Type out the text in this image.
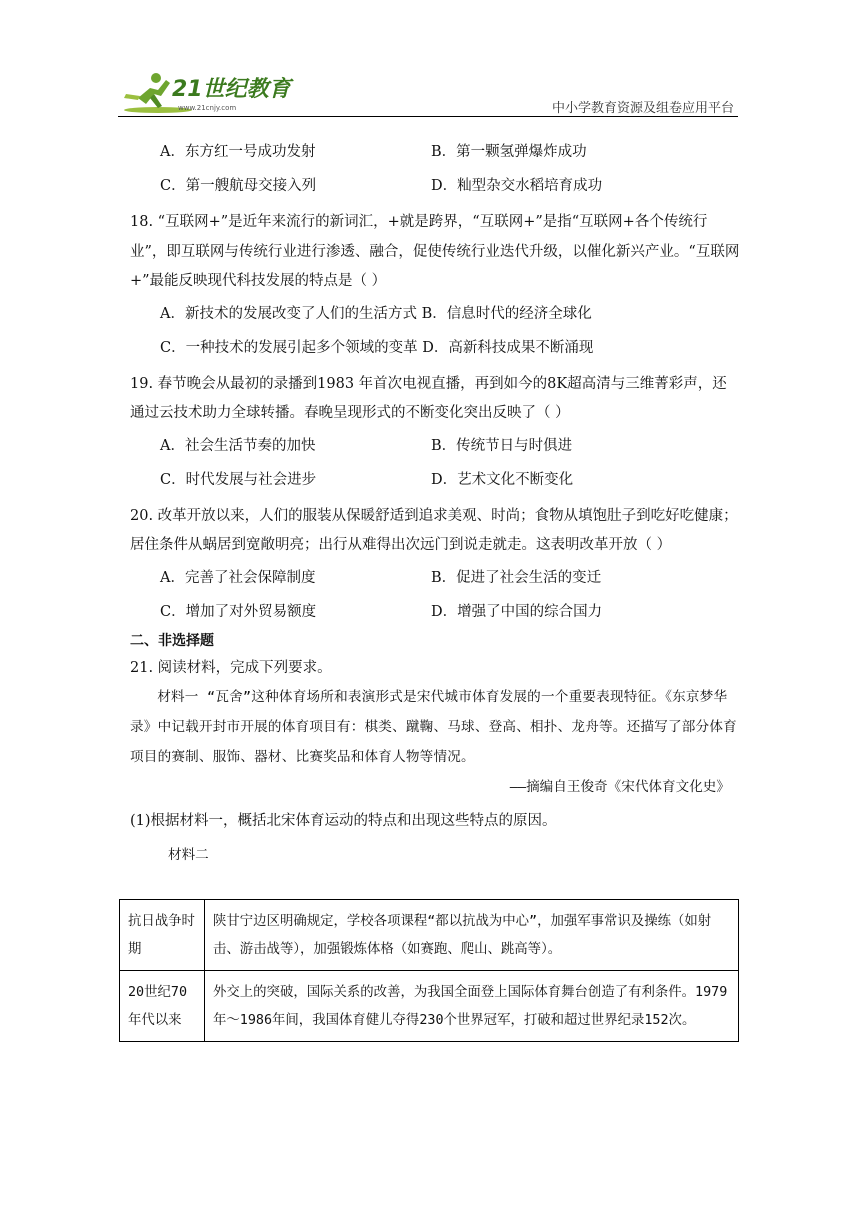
21世纪教育
www.21cnjy.com	中小学教育资源及组卷应用平台
A．东方红一号成功发射	B．第一颗氢弹爆炸成功
C．第一艘航母交接入列	D．籼型杂交水稻培育成功
18. “互联网+”是近年来流行的新词汇，+就是跨界，“互联网+”是指“互联网+各个传统行业”，即互联网与传统行业进行渗透、融合，促使传统行业迭代升级，以催化新兴产业。“互联网+”最能反映现代科技发展的特点是（ ）
A．新技术的发展改变了人们的生活方式 B．信息时代的经济全球化
C．一种技术的发展引起多个领域的变革 D．高新科技成果不断涌现
19. 春节晚会从最初的录播到1983 年首次电视直播，再到如今的8K超高清与三维菁彩声，还通过云技术助力全球转播。春晚呈现形式的不断变化突出反映了（ ）
A．社会生活节奏的加快	B．传统节日与时俱进
C．时代发展与社会进步	D．艺术文化不断变化
20. 改革开放以来，人们的服装从保暖舒适到追求美观、时尚；食物从填饱肚子到吃好吃健康；居住条件从蜗居到宽敞明亮；出行从难得出次远门到说走就走。这表明改革开放（ ）
A．完善了社会保障制度	B．促进了社会生活的变迁
C．增加了对外贸易额度	D．增强了中国的综合国力
二、非选择题
21. 阅读材料，完成下列要求。
材料一 “瓦舍”这种体育场所和表演形式是宋代城市体育发展的一个重要表现特征。《东京梦华录》中记载开封市开展的体育项目有：棋类、蹴鞠、马球、登高、相扑、龙舟等。还描写了部分体育项目的赛制、服饰、器材、比赛奖品和体育人物等情况。
——摘编自王俊奇《宋代体育文化史》
(1)根据材料一，概括北宋体育运动的特点和出现这些特点的原因。
材料二
抗日战争时期	陕甘宁边区明确规定，学校各项课程“都以抗战为中心”，加强军事常识及操练（如射击、游击战等），加强锻炼体格（如赛跑、爬山、跳高等）。
20世纪70年代以来	外交上的突破，国际关系的改善，为我国全面登上国际体育舞台创造了有利条件。1979年～1986年间，我国体育健儿夺得230个世界冠军，打破和超过世界纪录152次。
